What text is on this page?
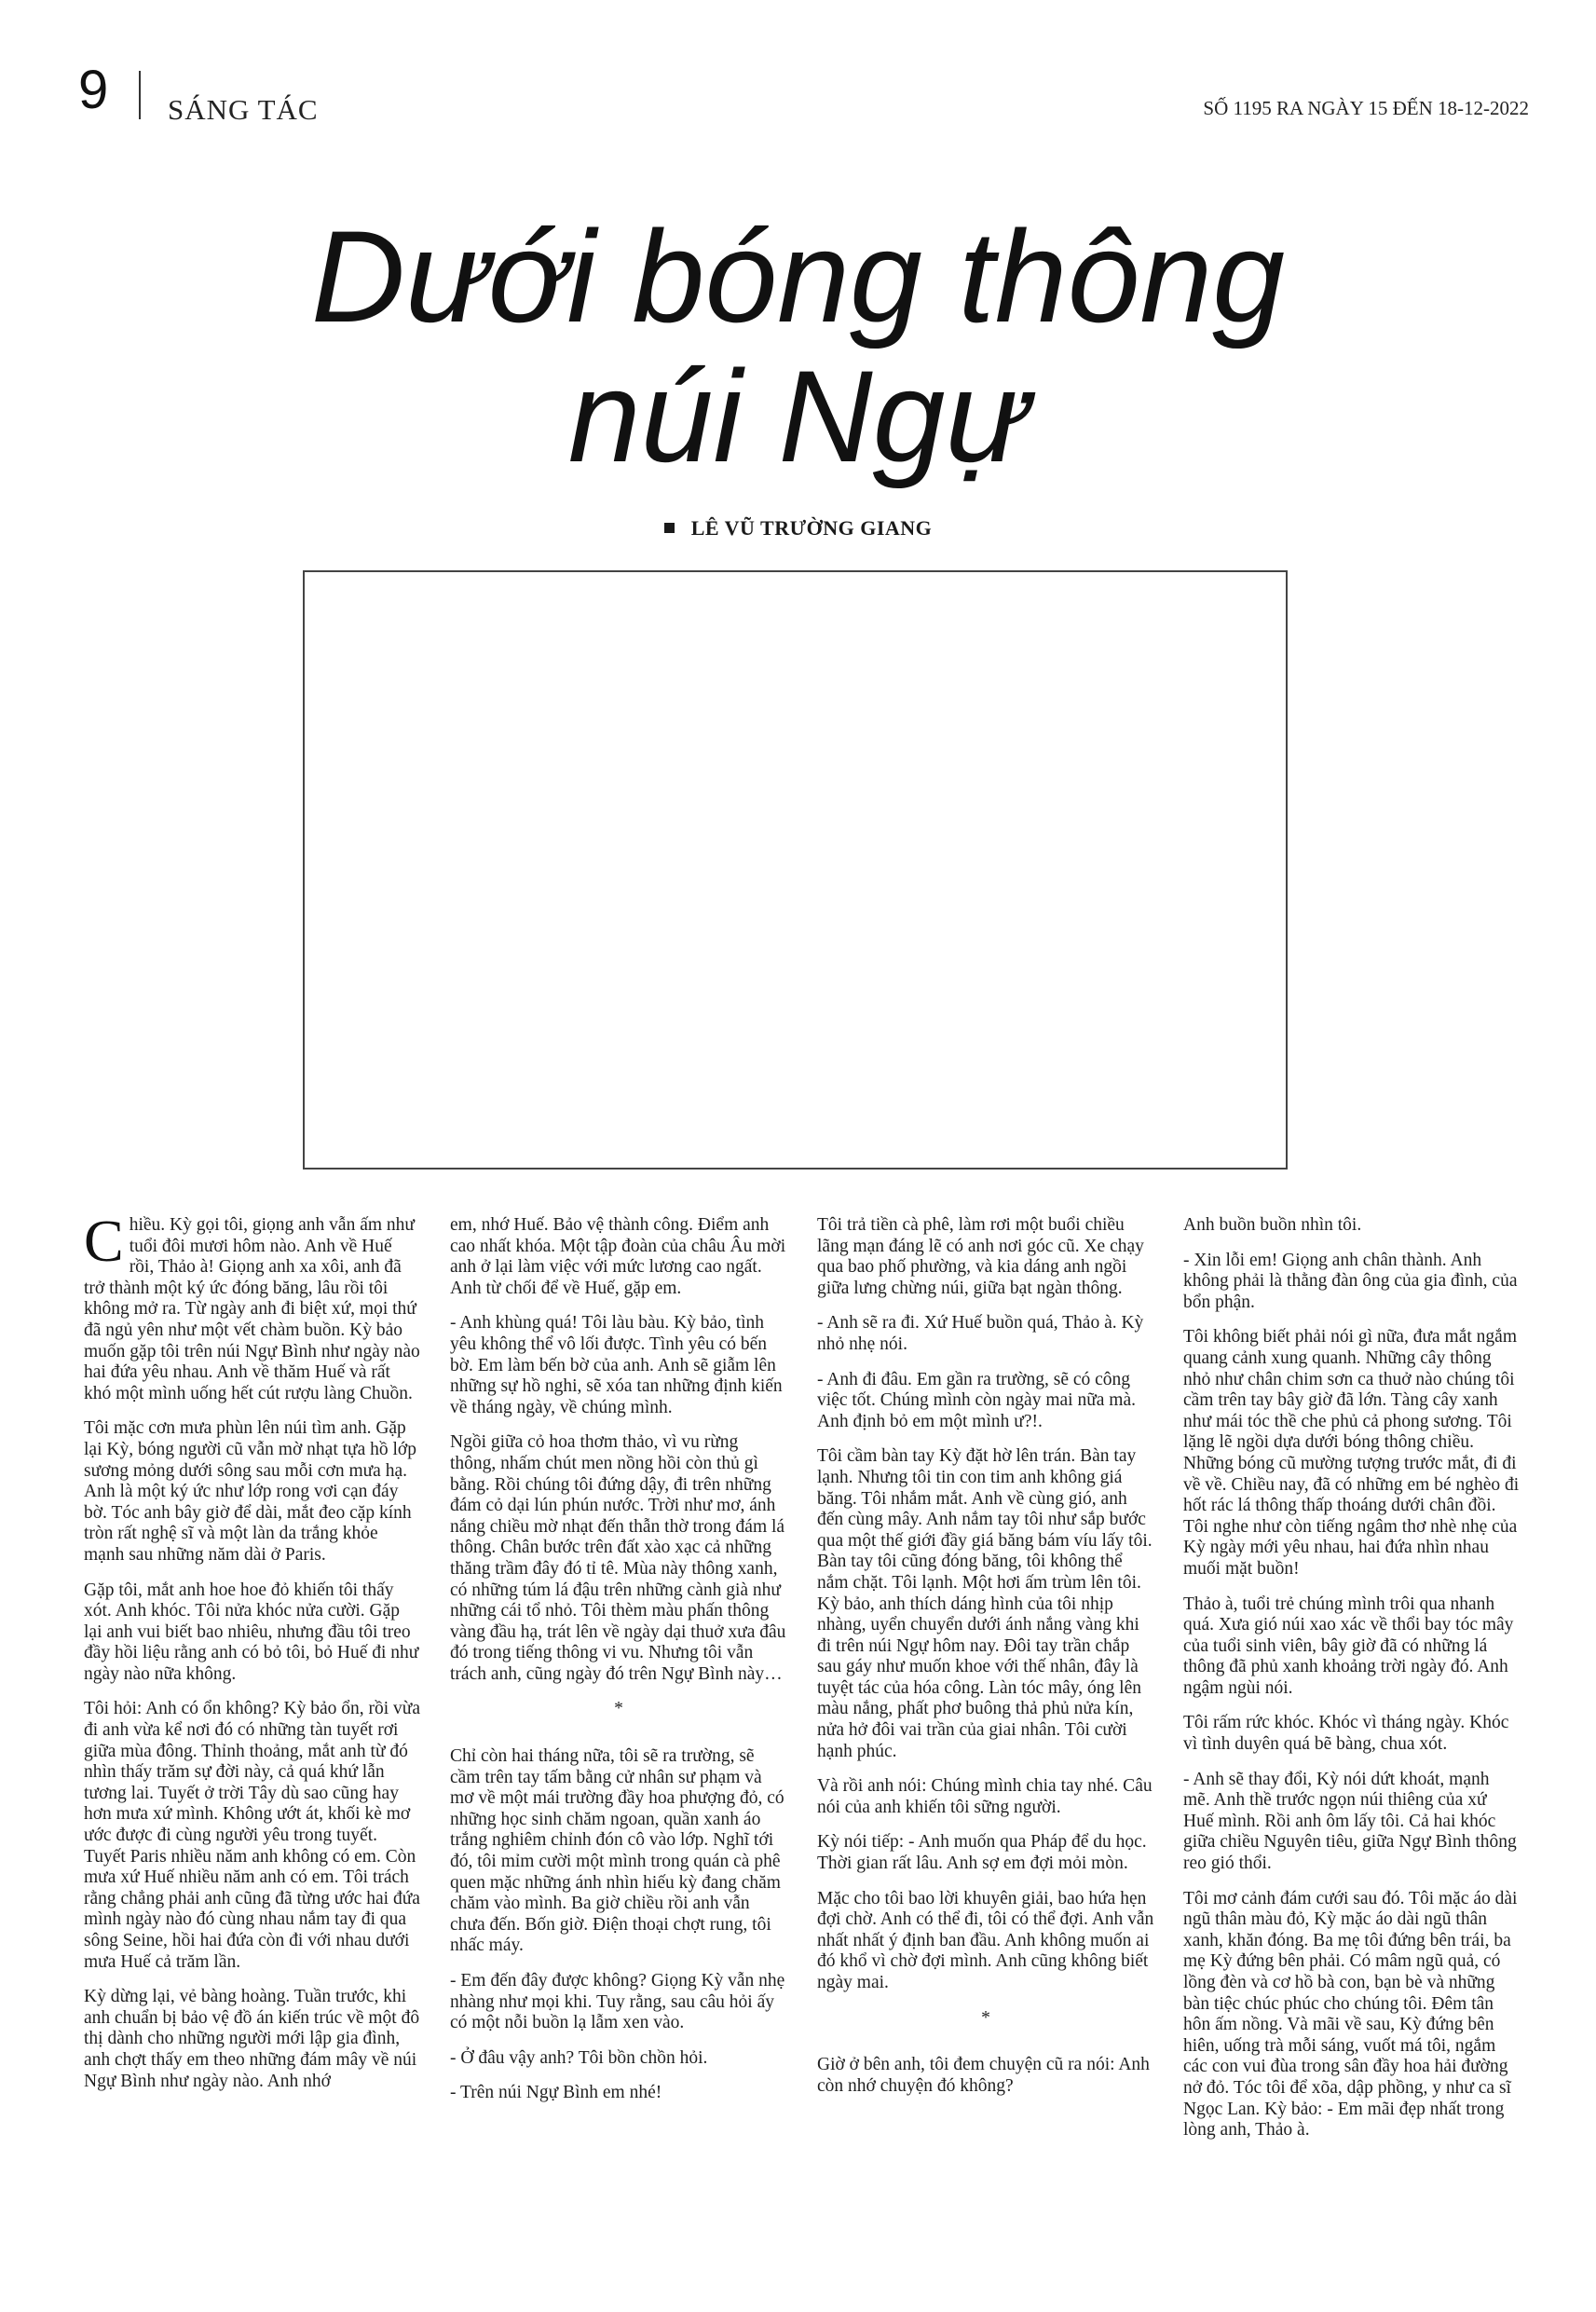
9 SÁNG TÁC	SỐ 1195 RA NGÀY 15 ĐẾN 18-12-2022
Dưới bóng thông
núi Ngự
LÊ VŨ TRƯỜNG GIANG

Chiều. Kỳ gọi tôi, giọng anh vẫn ấm như tuổi đôi mươi hôm nào. Anh về Huế rồi, Thảo à! Giọng anh xa xôi, anh đã trở thành một ký ức đóng băng, lâu rồi tôi không mở ra. Từ ngày anh đi biệt xứ, mọi thứ đã ngủ yên như một vết chàm buồn. Kỳ bảo muốn gặp tôi trên núi Ngự Bình như ngày nào hai đứa yêu nhau. Anh về thăm Huế và rất khó một mình uống hết cút rượu làng Chuồn.

Tôi mặc cơn mưa phùn lên núi tìm anh. Gặp lại Kỳ, bóng người cũ vẫn mờ nhạt tựa hồ lớp sương mỏng dưới sông sau mỗi cơn mưa hạ. Anh là một ký ức như lớp rong vơi cạn đáy bờ. Tóc anh bây giờ để dài, mắt đeo cặp kính tròn rất nghệ sĩ và một làn da trắng khỏe mạnh sau những năm dài ở Paris.

Gặp tôi, mắt anh hoe hoe đỏ khiến tôi thấy xót. Anh khóc. Tôi nửa khóc nửa cười. Gặp lại anh vui biết bao nhiêu, nhưng đầu tôi treo đầy hồi liệu rằng anh có bỏ tôi, bỏ Huế đi như ngày nào nữa không.

Tôi hỏi: Anh có ổn không? Kỳ bảo ổn, rồi vừa đi anh vừa kể nơi đó có những tàn tuyết rơi giữa mùa đông. Thỉnh thoảng, mắt anh từ đó nhìn thấy trăm sự đời này, cả quá khứ lẫn tương lai. Tuyết ở trời Tây dù sao cũng hay hơn mưa xứ mình. Không ướt át, khối kè mơ ước được đi cùng người yêu trong tuyết. Tuyết Paris nhiều năm anh không có em. Còn mưa xứ Huế nhiều năm anh có em. Tôi trách rằng chẳng phải anh cũng đã từng ước hai đứa mình ngày nào đó cùng nhau nắm tay đi qua sông Seine, hồi hai đứa còn đi với nhau dưới mưa Huế cả trăm lần.

Kỳ dừng lại, vẻ bàng hoàng. Tuần trước, khi anh chuẩn bị bảo vệ đồ án kiến trúc về một đô thị dành cho những người mới lập gia đình, anh chợt thấy em theo những đám mây về núi Ngự Bình như ngày nào. Anh nhớ

em, nhớ Huế. Bảo vệ thành công. Điểm anh cao nhất khóa. Một tập đoàn của châu Âu mời anh ở lại làm việc với mức lương cao ngất. Anh từ chối để về Huế, gặp em.

- Anh khùng quá! Tôi làu bàu. Kỳ bảo, tình yêu không thể vô lối được. Tình yêu có bến bờ. Em làm bến bờ của anh. Anh sẽ giẫm lên những sự hồ nghi, sẽ xóa tan những định kiến về tháng ngày, về chúng mình.

Ngồi giữa cỏ hoa thơm thảo, vì vu rừng thông, nhấm chút men nồng hồi còn thủ gì bằng. Rồi chúng tôi đứng dậy, đi trên những đám cỏ dại lún phún nước. Trời như mơ, ánh nắng chiều mờ nhạt đến thẫn thờ trong đám lá thông. Chân bước trên đất xào xạc cả những thăng trầm đây đó tỉ tê. Mùa này thông xanh, có những túm lá đậu trên những cành già như những cái tổ nhỏ. Tôi thèm màu phấn thông vàng đầu hạ, trát lên về ngày dại thuở xưa đâu đó trong tiếng thông vi vu. Nhưng tôi vẫn trách anh, cũng ngày đó trên Ngự Bình này…

*

Chỉ còn hai tháng nữa, tôi sẽ ra trường, sẽ cầm trên tay tấm bằng cử nhân sư phạm và mơ về một mái trường đầy hoa phượng đỏ, có những học sinh chăm ngoan, quần xanh áo trắng nghiêm chỉnh đón cô vào lớp. Nghĩ tới đó, tôi mỉm cười một mình trong quán cà phê quen mặc những ánh nhìn hiếu kỳ đang chăm chăm vào mình. Ba giờ chiều rồi anh vẫn chưa đến. Bốn giờ. Điện thoại chợt rung, tôi nhấc máy.

- Em đến đây được không? Giọng Kỳ vẫn nhẹ nhàng như mọi khi. Tuy rằng, sau câu hỏi ấy có một nỗi buồn lạ lẫm xen vào.

- Ở đâu vậy anh? Tôi bồn chồn hỏi.

- Trên núi Ngự Bình em nhé!

Tôi trả tiền cà phê, làm rơi một buổi chiều lãng mạn đáng lẽ có anh nơi góc cũ. Xe chạy qua bao phố phường, và kia dáng anh ngồi giữa lưng chừng núi, giữa bạt ngàn thông.

- Anh sẽ ra đi. Xứ Huế buồn quá, Thảo à. Kỳ nhỏ nhẹ nói.

- Anh đi đâu. Em gần ra trường, sẽ có công việc tốt. Chúng mình còn ngày mai nữa mà. Anh định bỏ em một mình ư?!.

Tôi cầm bàn tay Kỳ đặt hờ lên trán. Bàn tay lạnh. Nhưng tôi tin con tim anh không giá băng. Tôi nhắm mắt. Anh về cùng gió, anh đến cùng mây. Anh nắm tay tôi như sắp bước qua một thế giới đầy giá băng bám víu lấy tôi. Bàn tay tôi cũng đóng băng, tôi không thể nắm chặt. Tôi lạnh. Một hơi ấm trùm lên tôi. Kỳ bảo, anh thích dáng hình của tôi nhịp nhàng, uyển chuyển dưới ánh nắng vàng khi đi trên núi Ngự hôm nay. Đôi tay trần chắp sau gáy như muốn khoe với thế nhân, đây là tuyệt tác của hóa công. Làn tóc mây, óng lên màu nắng, phất phơ buông thả phủ nửa kín, nửa hở đôi vai trần của giai nhân. Tôi cười hạnh phúc.

Và rồi anh nói: Chúng mình chia tay nhé. Câu nói của anh khiến tôi sững người.

Kỳ nói tiếp: - Anh muốn qua Pháp để du học. Thời gian rất lâu. Anh sợ em đợi mỏi mòn.

Mặc cho tôi bao lời khuyên giải, bao hứa hẹn đợi chờ. Anh có thể đi, tôi có thể đợi. Anh vẫn nhất nhất ý định ban đầu. Anh không muốn ai đó khổ vì chờ đợi mình. Anh cũng không biết ngày mai.

*

Giờ ở bên anh, tôi đem chuyện cũ ra nói: Anh còn nhớ chuyện đó không?

Anh buồn buồn nhìn tôi.

- Xin lỗi em! Giọng anh chân thành. Anh không phải là thằng đàn ông của gia đình, của bổn phận.

Tôi không biết phải nói gì nữa, đưa mắt ngắm quang cảnh xung quanh. Những cây thông nhỏ như chân chim sơn ca thuở nào chúng tôi cầm trên tay bây giờ đã lớn. Tàng cây xanh như mái tóc thề che phủ cả phong sương. Tôi lặng lẽ ngồi dựa dưới bóng thông chiều. Những bóng cũ mường tượng trước mắt, đi đi về về. Chiều nay, đã có những em bé nghèo đi hốt rác lá thông thấp thoáng dưới chân đồi. Tôi nghe như còn tiếng ngâm thơ nhè nhẹ của Kỳ ngày mới yêu nhau, hai đứa nhìn nhau muối mặt buồn!

Thảo à, tuổi trẻ chúng mình trôi qua nhanh quá. Xưa gió núi xao xác về thổi bay tóc mây của tuổi sinh viên, bây giờ đã có những lá thông đã phủ xanh khoảng trời ngày đó. Anh ngậm ngùi nói.

Tôi rấm rức khóc. Khóc vì tháng ngày. Khóc vì tình duyên quá bẽ bàng, chua xót.

- Anh sẽ thay đổi, Kỳ nói dứt khoát, mạnh mẽ. Anh thề trước ngọn núi thiêng của xứ Huế mình. Rồi anh ôm lấy tôi. Cả hai khóc giữa chiều Nguyên tiêu, giữa Ngự Bình thông reo gió thổi.

Tôi mơ cảnh đám cưới sau đó. Tôi mặc áo dài ngũ thân màu đỏ, Kỳ mặc áo dài ngũ thân xanh, khăn đóng. Ba mẹ tôi đứng bên trái, ba mẹ Kỳ đứng bên phải. Có mâm ngũ quả, có lồng đèn và cơ hồ bà con, bạn bè và những bàn tiệc chúc phúc cho chúng tôi. Đêm tân hôn ấm nồng. Và mãi về sau, Kỳ đứng bên hiên, uống trà mỗi sáng, vuốt má tôi, ngắm các con vui đùa trong sân đầy hoa hải đường nở đỏ. Tóc tôi để xõa, dập phồng, y như ca sĩ Ngọc Lan. Kỳ bảo: - Em mãi đẹp nhất trong lòng anh, Thảo à.
